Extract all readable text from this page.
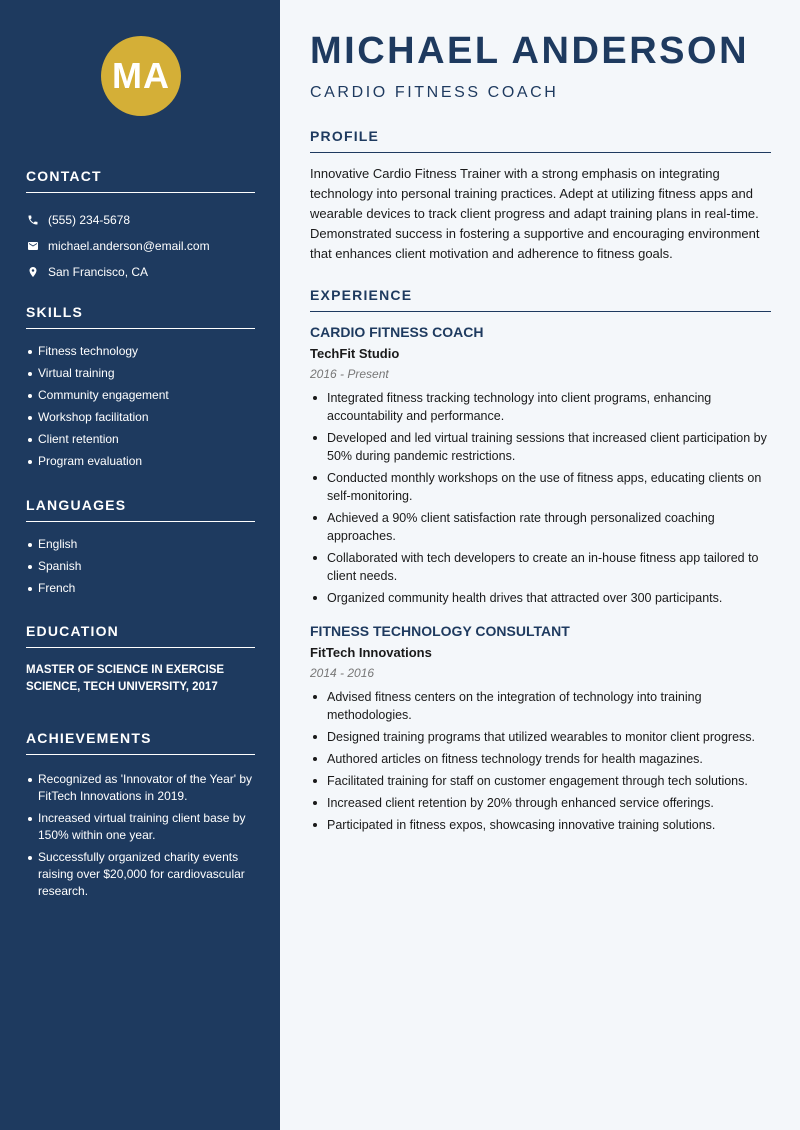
MA
CONTACT
(555) 234-5678
michael.anderson@email.com
San Francisco, CA
SKILLS
Fitness technology
Virtual training
Community engagement
Workshop facilitation
Client retention
Program evaluation
LANGUAGES
English
Spanish
French
EDUCATION
MASTER OF SCIENCE IN EXERCISE SCIENCE, TECH UNIVERSITY, 2017
ACHIEVEMENTS
Recognized as 'Innovator of the Year' by FitTech Innovations in 2019.
Increased virtual training client base by 150% within one year.
Successfully organized charity events raising over $20,000 for cardiovascular research.
MICHAEL ANDERSON
CARDIO FITNESS COACH
PROFILE
Innovative Cardio Fitness Trainer with a strong emphasis on integrating technology into personal training practices. Adept at utilizing fitness apps and wearable devices to track client progress and adapt training plans in real-time. Demonstrated success in fostering a supportive and encouraging environment that enhances client motivation and adherence to fitness goals.
EXPERIENCE
CARDIO FITNESS COACH
TechFit Studio
2016 - Present
Integrated fitness tracking technology into client programs, enhancing accountability and performance.
Developed and led virtual training sessions that increased client participation by 50% during pandemic restrictions.
Conducted monthly workshops on the use of fitness apps, educating clients on self-monitoring.
Achieved a 90% client satisfaction rate through personalized coaching approaches.
Collaborated with tech developers to create an in-house fitness app tailored to client needs.
Organized community health drives that attracted over 300 participants.
FITNESS TECHNOLOGY CONSULTANT
FitTech Innovations
2014 - 2016
Advised fitness centers on the integration of technology into training methodologies.
Designed training programs that utilized wearables to monitor client progress.
Authored articles on fitness technology trends for health magazines.
Facilitated training for staff on customer engagement through tech solutions.
Increased client retention by 20% through enhanced service offerings.
Participated in fitness expos, showcasing innovative training solutions.
